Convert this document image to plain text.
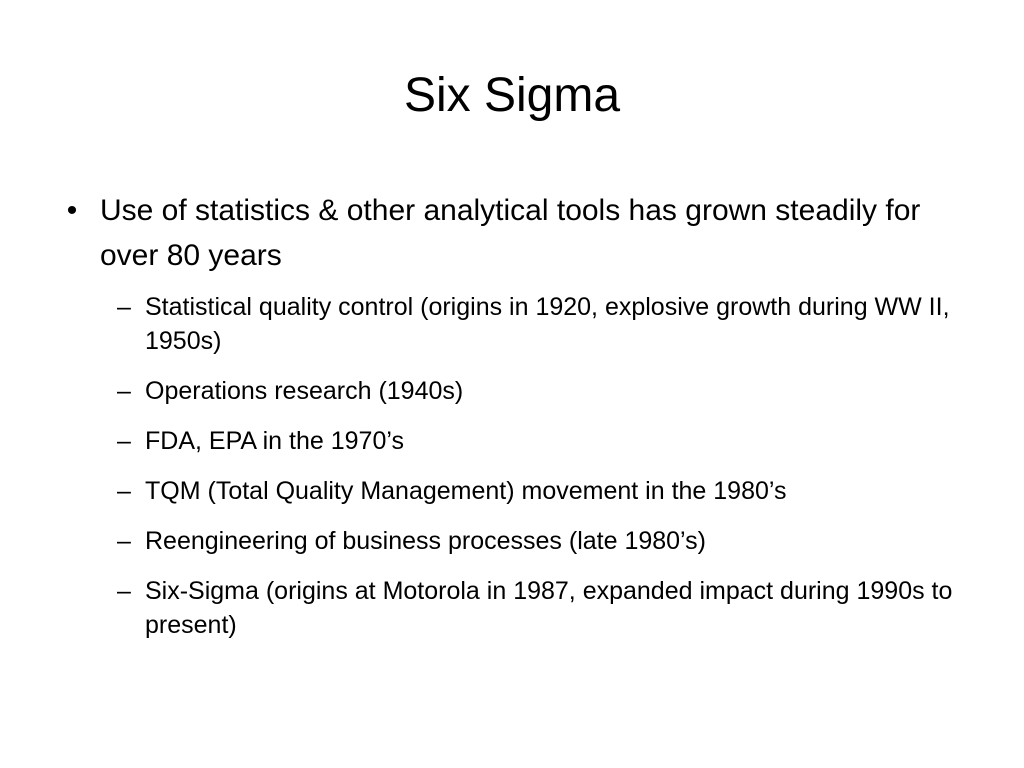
Six Sigma
• Use of statistics & other analytical tools has grown steadily for over 80 years
– Statistical quality control (origins in 1920, explosive growth during WW II, 1950s)
– Operations research (1940s)
– FDA, EPA in the 1970’s
– TQM (Total Quality Management) movement in the 1980’s
– Reengineering of business processes (late 1980’s)
– Six-Sigma (origins at Motorola in 1987, expanded impact during 1990s to present)
